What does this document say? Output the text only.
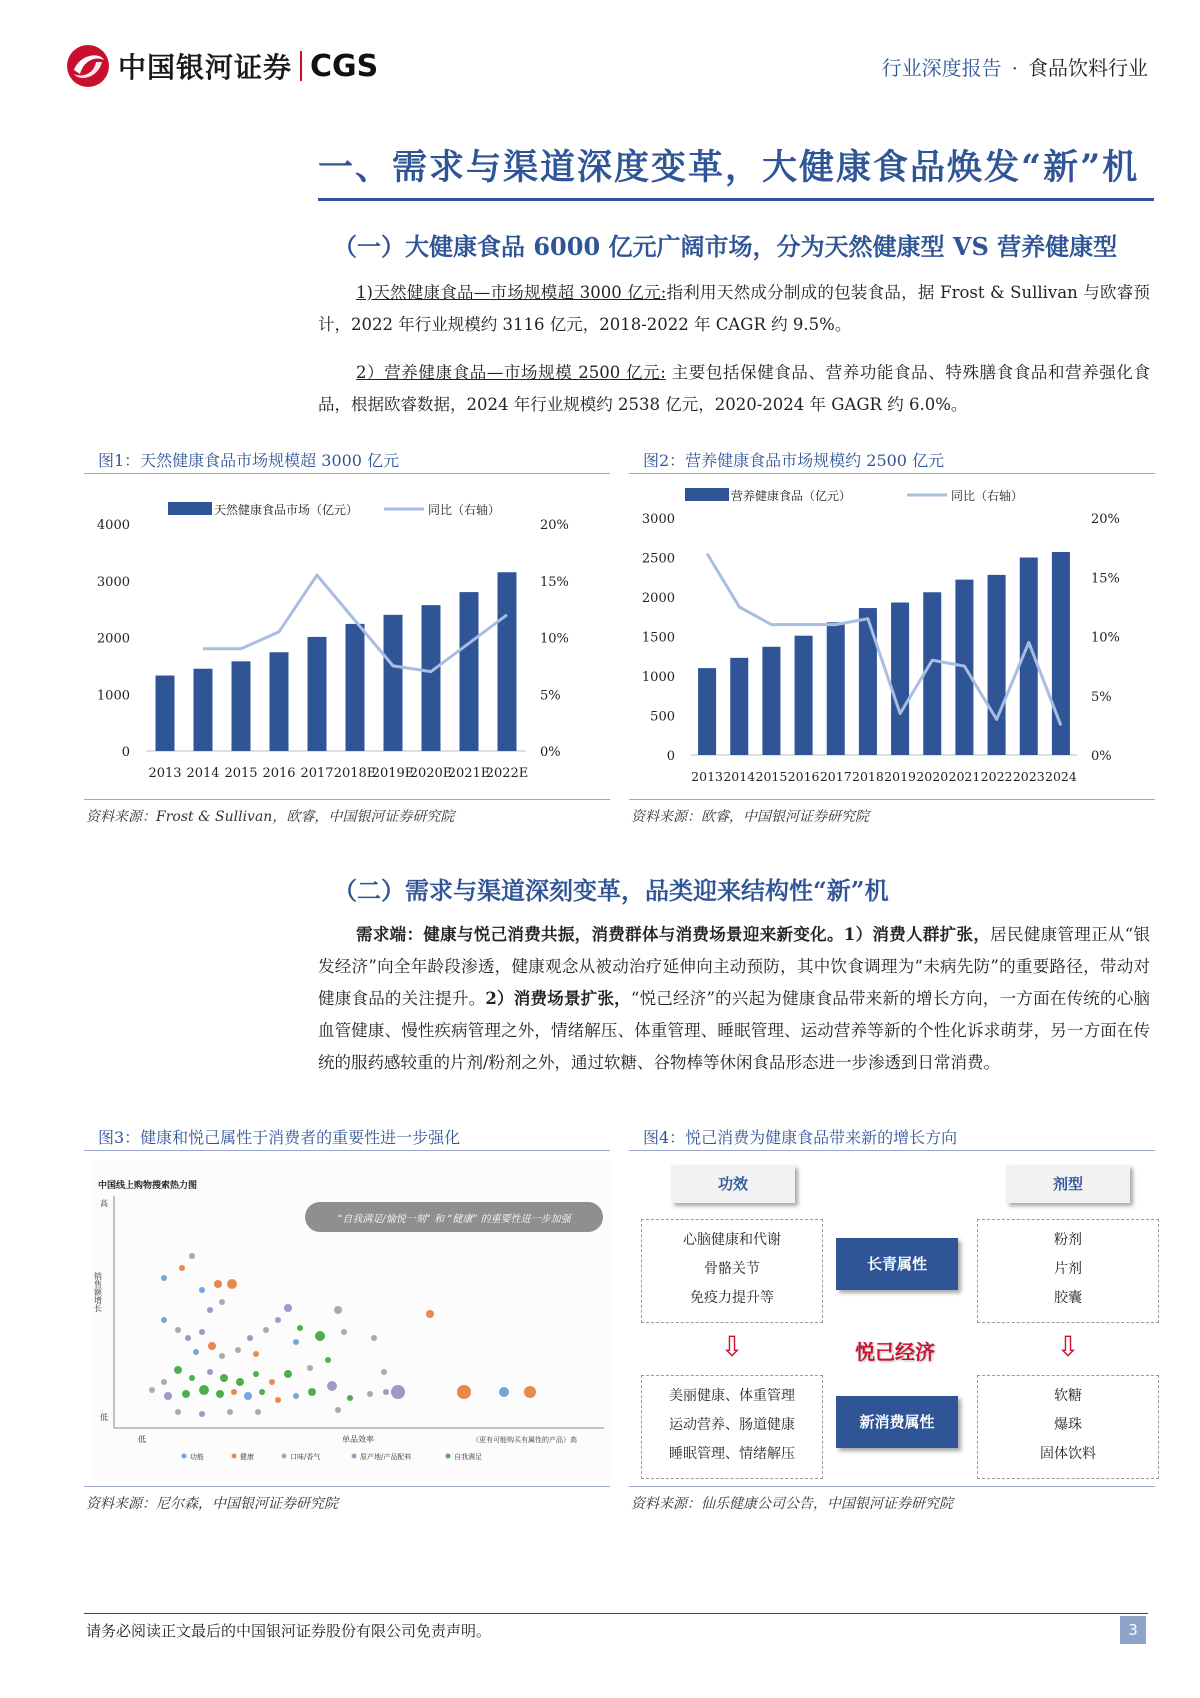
中国银河证券 CGS	行业深度报告 · 食品饮料行业
一、需求与渠道深度变革，大健康食品焕发“新”机
（一）大健康食品 6000 亿元广阔市场，分为天然健康型 VS 营养健康型
1)天然健康食品—市场规模超 3000 亿元:指利用天然成分制成的包装食品，据 Frost & Sullivan 与欧睿预计，2022 年行业规模约 3116 亿元，2018-2022 年 CAGR 约 9.5%。
2）营养健康食品—市场规模 2500 亿元: 主要包括保健食品、营养功能食品、特殊膳食食品和营养强化食品，根据欧睿数据，2024 年行业规模约 2538 亿元，2020-2024 年 GAGR 约 6.0%。
图1：天然健康食品市场规模超 3000 亿元
4000
3000
2000
1000
0
20%
15%
10%
5%
0%
2013 2014 2015 2016 2017 2018E
2019E
2020E
2021E
2022E
天然健康食品市场（亿元）	同比（右轴）
资料来源：Frost & Sullivan，欧睿，中国银河证券研究院
图2：营养健康食品市场规模约 2500 亿元
3000
2500
2000
1500
1000
500
0
20%
15%
10%
5%
0%
2013 2014 2015 2016 2017 2018 2019 2020 2021 2022 2023 2024
营养健康食品（亿元）	同比（右轴）
资料来源：欧睿，中国银河证券研究院
（二）需求与渠道深刻变革，品类迎来结构性“新”机
需求端：健康与悦己消费共振，消费群体与消费场景迎来新变化。1）消费人群扩张，居民健康管理正从“银发经济”向全年龄段渗透，健康观念从被动治疗延伸向主动预防，其中饮食调理为“未病先防”的重要路径，带动对健康食品的关注提升。2）消费场景扩张，“悦己经济”的兴起为健康食品带来新的增长方向，一方面在传统的心脑血管健康、慢性疾病管理之外，情绪解压、体重管理、睡眠管理、运动营养等新的个性化诉求萌芽，另一方面在传统的服药感较重的片剂/粉剂之外，通过软糖、谷物棒等休闲食品形态进一步渗透到日常消费。
图3：健康和悦己属性于消费者的重要性进一步强化
中国线上购物搜索热力图
“自我满足/愉悦一刻” 和 “健康” 的重要性进一步加强
高
低
销售额增长
低	单品效率	（更有可能购买有属性的产品）高
功能	健康	口味/香气	原产地/产品配料	自我满足
资料来源：尼尔森，中国银河证券研究院
图4：悦己消费为健康食品带来新的增长方向
功效	剂型
心脑健康和代谢
骨骼关节
免疫力提升等
粉剂
片剂
胶囊
长青属性
⇩	⇩
悦己经济
美丽健康、体重管理
运动营养、肠道健康
睡眠管理、情绪解压
软糖
爆珠
固体饮料
新消费属性
资料来源：仙乐健康公司公告，中国银河证券研究院
请务必阅读正文最后的中国银河证券股份有限公司免责声明。	3
